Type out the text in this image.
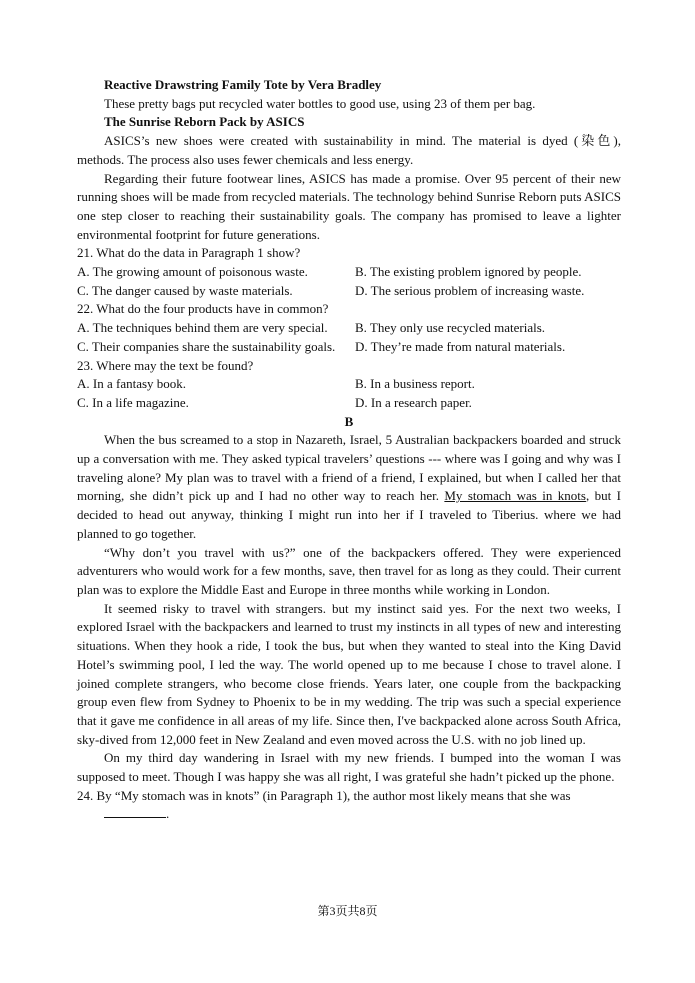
Reactive Drawstring Family Tote by Vera Bradley

These pretty bags put recycled water bottles to good use, using 23 of them per bag.

The Sunrise Reborn Pack by ASICS

ASICS’s new shoes were created with sustainability in mind. The material is dyed (染色), methods. The process also uses fewer chemicals and less energy.

Regarding their future footwear lines, ASICS has made a promise. Over 95 percent of their new running shoes will be made from recycled materials. The technology behind Sunrise Reborn puts ASICS one step closer to reaching their sustainability goals. The company has promised to leave a lighter environmental footprint for future generations.

21. What do the data in Paragraph 1 show?

A. The growing amount of poisonous waste.	B. The existing problem ignored by people.
C. The danger caused by waste materials.	D. The serious problem of increasing waste.

22. What do the four products have in common?

A. The techniques behind them are very special.	B. They only use recycled materials.
C. Their companies share the sustainability goals.	D. They’re made from natural materials.

23. Where may the text be found?

A. In a fantasy book.	B. In a business report.
C. In a life magazine.	D. In a research paper.
B

When the bus screamed to a stop in Nazareth, Israel, 5 Australian backpackers boarded and struck up a conversation with me. They asked typical travelers’ questions --- where was I going and why was I traveling alone? My plan was to travel with a friend of a friend, I explained, but when I called her that morning, she didn’t pick up and I had no other way to reach her. My stomach was in knots, but I decided to head out anyway, thinking I might run into her if I traveled to Tiberius. where we had planned to go together.

“Why don’t you travel with us?” one of the backpackers offered. They were experienced adventurers who would work for a few months, save, then travel for as long as they could. Their current plan was to explore the Middle East and Europe in three months while working in London.

It seemed risky to travel with strangers. but my instinct said yes. For the next two weeks, I explored Israel with the backpackers and learned to trust my instincts in all types of new and interesting situations. When they hook a ride, I took the bus, but when they wanted to steal into the King David Hotel’s swimming pool, I led the way. The world opened up to me because I chose to travel alone. I joined complete strangers, who become close friends. Years later, one couple from the backpacking group even flew from Sydney to Phoenix to be in my wedding. The trip was such a special experience that it gave me confidence in all areas of my life. Since then, I've backpacked alone across South Africa, sky-dived from 12,000 feet in New Zealand and even moved across the U.S. with no job lined up.

On my third day wandering in Israel with my new friends. I bumped into the woman I was supposed to meet. Though I was happy she was all right, I was grateful she hadn’t picked up the phone.

24. By “My stomach was in knots” (in Paragraph 1), the author most likely means that she was

.
第3页共8页
